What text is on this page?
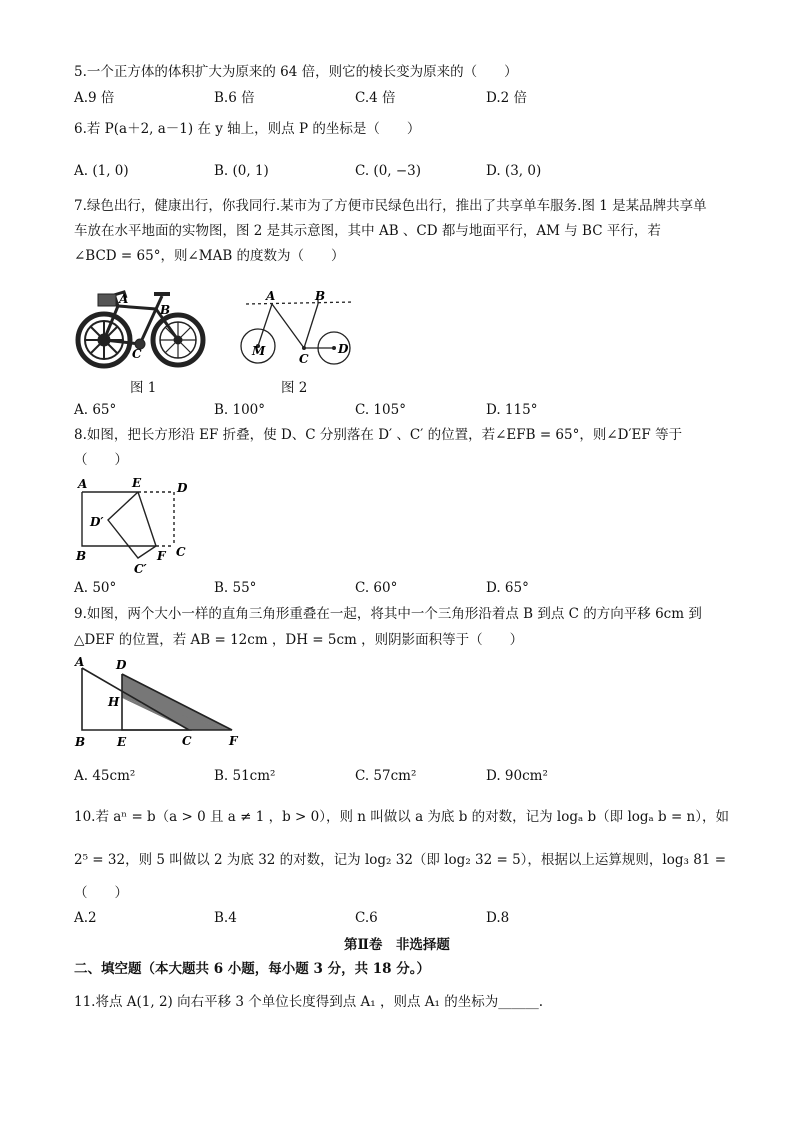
5.一个正方体的体积扩大为原来的 64 倍，则它的棱长变为原来的（　　）
A.9 倍	B.6 倍	C.4 倍	D.2 倍
6.若 P(a＋2, a－1) 在 y 轴上，则点 P 的坐标是（　　）
A. (1, 0)	B. (0, 1)	C. (0, −3)	D. (3, 0)
7.绿色出行，健康出行，你我同行.某市为了方便市民绿色出行，推出了共享单车服务.图 1 是某品牌共享单
车放在水平地面的实物图，图 2 是其示意图，其中 AB 、CD 都与地面平行，AM 与 BC 平行，若
∠BCD = 65°，则∠MAB 的度数为（　　）
A
B
C
A	B
C
D
M
图 1	图 2
A. 65°	B. 100°	C. 105°	D. 115°
8.如图，把长方形沿 EF 折叠，使 D、C 分别落在 D′ 、C′ 的位置，若∠EFB = 65°，则∠D′EF 等于
（　　）
A	E	D
D′
B	F C
C′
A. 50°	B. 55°	C. 60°	D. 65°
9.如图，两个大小一样的直角三角形重叠在一起，将其中一个三角形沿着点 B 到点 C 的方向平移 6cm 到
△DEF 的位置，若 AB = 12cm ，DH = 5cm ，则阴影面积等于（　　）
A	D
H
B	E	C	F
A. 45cm²	B. 51cm²	C. 57cm²	D. 90cm²
10.若 aⁿ = b（a > 0 且 a ≠ 1 ，b > 0），则 n 叫做以 a 为底 b 的对数，记为 logₐ b（即 logₐ b = n），如
2⁵ = 32，则 5 叫做以 2 为底 32 的对数，记为 log₂ 32（即 log₂ 32 = 5），根据以上运算规则，log₃ 81 =
（　　）
A.2	B.4	C.6	D.8
第Ⅱ卷　非选择题
二、填空题（本大题共 6 小题，每小题 3 分，共 18 分。）
11.将点 A(1, 2) 向右平移 3 个单位长度得到点 A₁ ，则点 A₁ 的坐标为______.
